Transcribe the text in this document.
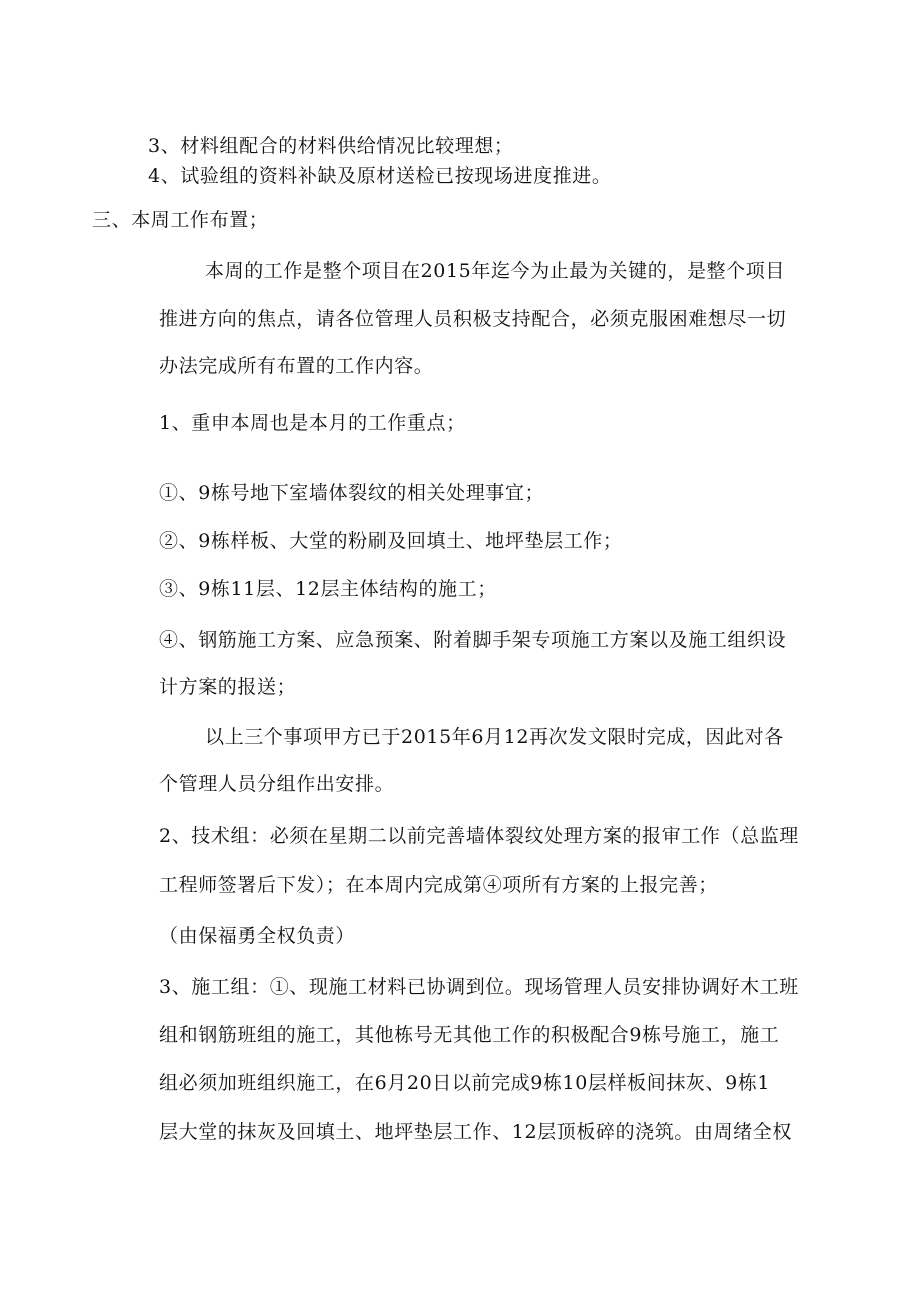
3、材料组配合的材料供给情况比较理想；
4、试验组的资料补缺及原材送检已按现场进度推进。
三、本周工作布置；
本周的工作是整个项目在2015年迄今为止最为关键的，是整个项目
推进方向的焦点，请各位管理人员积极支持配合，必须克服困难想尽一切
办法完成所有布置的工作内容。
1、重申本周也是本月的工作重点；
①、9栋号地下室墙体裂纹的相关处理事宜；
②、9栋样板、大堂的粉刷及回填土、地坪垫层工作；
③、9栋11层、12层主体结构的施工；
④、钢筋施工方案、应急预案、附着脚手架专项施工方案以及施工组织设
计方案的报送；
以上三个事项甲方已于2015年6月12再次发文限时完成，因此对各
个管理人员分组作出安排。
2、技术组：必须在星期二以前完善墙体裂纹处理方案的报审工作（总监理
工程师签署后下发）；在本周内完成第④项所有方案的上报完善；
（由保福勇全权负责）
3、施工组：①、现施工材料已协调到位。现场管理人员安排协调好木工班
组和钢筋班组的施工，其他栋号无其他工作的积极配合9栋号施工，施工
组必须加班组织施工，在6月20日以前完成9栋10层样板间抹灰、9栋1
层大堂的抹灰及回填土、地坪垫层工作、12层顶板碎的浇筑。由周绪全权
